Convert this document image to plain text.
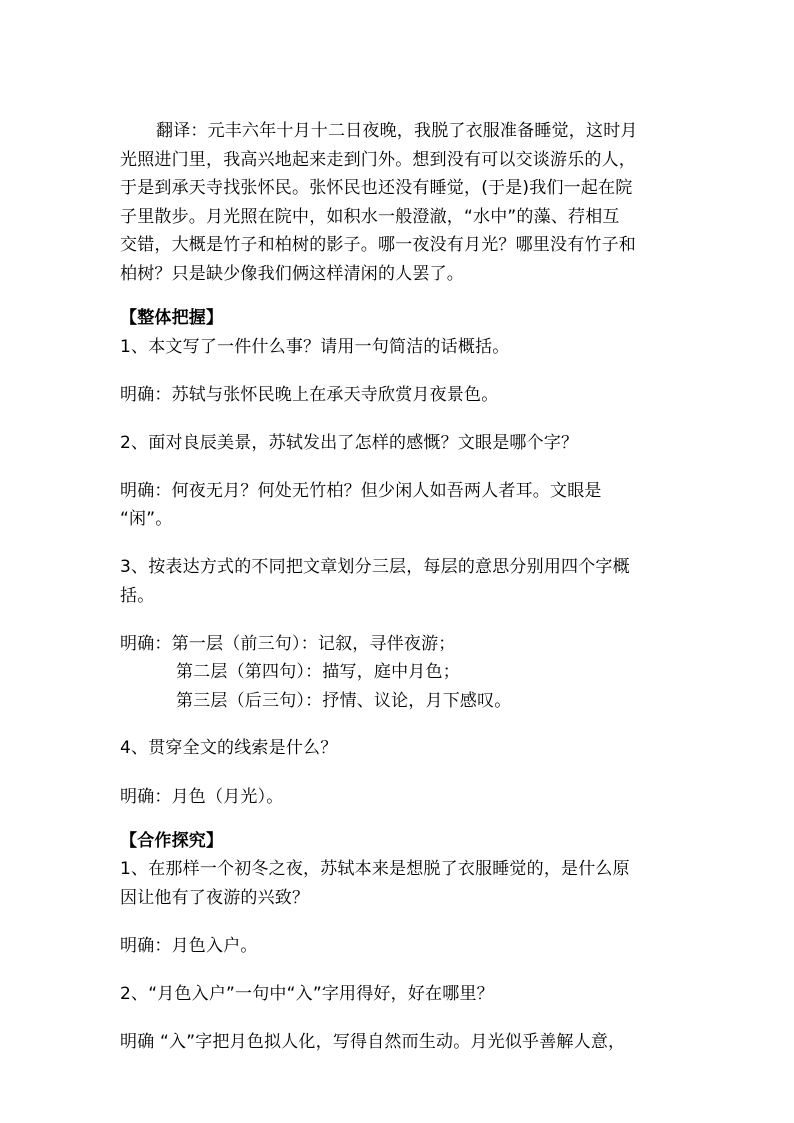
翻译：元丰六年十月十二日夜晚，我脱了衣服准备睡觉，这时月
光照进门里，我高兴地起来走到门外。想到没有可以交谈游乐的人，
于是到承天寺找张怀民。张怀民也还没有睡觉，(于是)我们一起在院
子里散步。月光照在院中，如积水一般澄澈，“水中”的藻、荇相互
交错，大概是竹子和柏树的影子。哪一夜没有月光？哪里没有竹子和
柏树？只是缺少像我们俩这样清闲的人罢了。
【整体把握】
1、本文写了一件什么事？请用一句简洁的话概括。
明确：苏轼与张怀民晚上在承天寺欣赏月夜景色。
2、面对良辰美景，苏轼发出了怎样的感慨？文眼是哪个字？
明确：何夜无月？何处无竹柏？但少闲人如吾两人者耳。文眼是
“闲”。
3、按表达方式的不同把文章划分三层，每层的意思分别用四个字概
括。
明确：第一层（前三句）：记叙，寻伴夜游；
第二层（第四句）：描写，庭中月色；
第三层（后三句）：抒情、议论，月下感叹。
4、贯穿全文的线索是什么？
明确：月色（月光）。
【合作探究】
1、在那样一个初冬之夜，苏轼本来是想脱了衣服睡觉的，是什么原
因让他有了夜游的兴致？
明确：月色入户。
2、“月色入户”一句中“入”字用得好，好在哪里？
明确 “入”字把月色拟人化，写得自然而生动。月光似乎善解人意，
